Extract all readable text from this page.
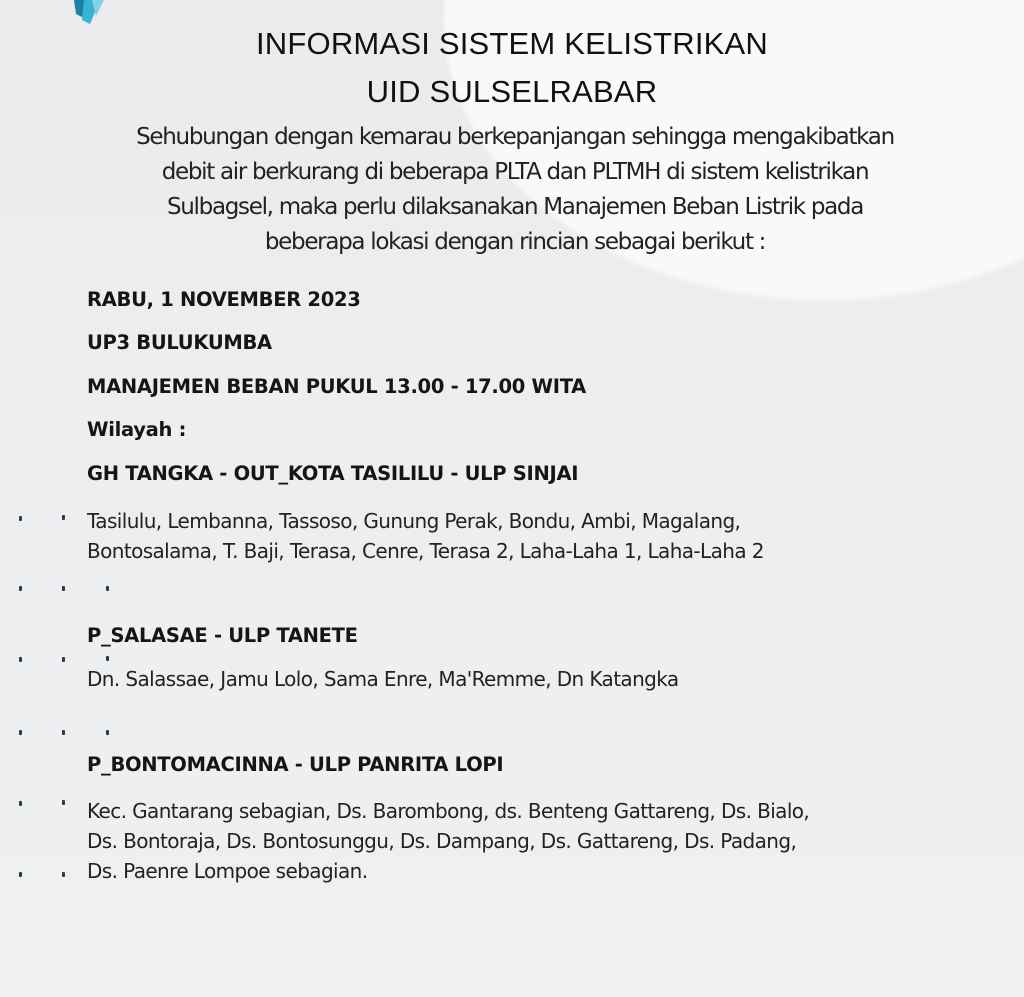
INFORMASI SISTEM KELISTRIKAN
UID SULSELRABAR
Sehubungan dengan kemarau berkepanjangan sehingga mengakibatkan
debit air berkurang di beberapa PLTA dan PLTMH di sistem kelistrikan
Sulbagsel, maka perlu dilaksanakan Manajemen Beban Listrik pada
beberapa lokasi dengan rincian sebagai berikut :
RABU, 1 NOVEMBER 2023
UP3 BULUKUMBA
MANAJEMEN BEBAN PUKUL 13.00 - 17.00 WITA
Wilayah :
GH TANGKA - OUT_KOTA TASILILU - ULP SINJAI
Tasilulu, Lembanna, Tassoso, Gunung Perak, Bondu, Ambi, Magalang,
Bontosalama, T. Baji, Terasa, Cenre, Terasa 2, Laha-Laha 1, Laha-Laha 2
P_SALASAE - ULP TANETE
Dn. Salassae, Jamu Lolo, Sama Enre, Ma'Remme, Dn Katangka
P_BONTOMACINNA - ULP PANRITA LOPI
Kec. Gantarang sebagian, Ds. Barombong, ds. Benteng Gattareng, Ds. Bialo,
Ds. Bontoraja, Ds. Bontosunggu, Ds. Dampang, Ds. Gattareng, Ds. Padang,
Ds. Paenre Lompoe sebagian.
